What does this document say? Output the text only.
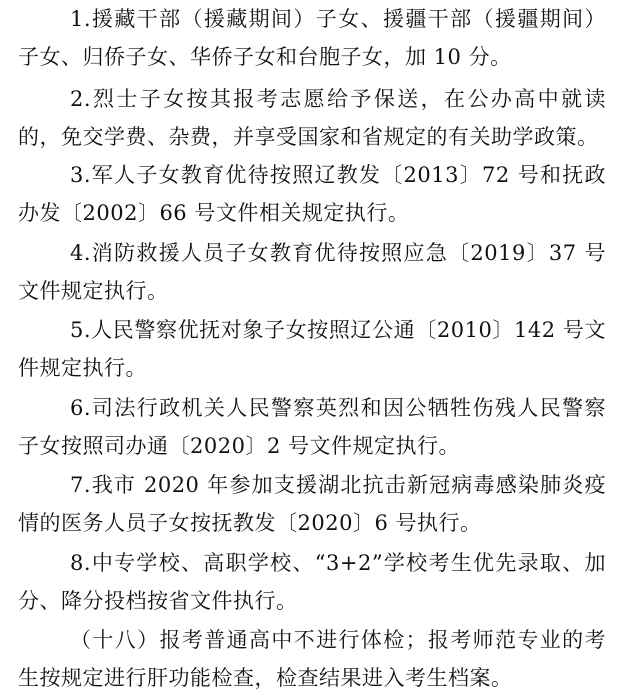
1.援藏干部（援藏期间）子女、援疆干部（援疆期间）子女、归侨子女、华侨子女和台胞子女，加 10 分。

2.烈士子女按其报考志愿给予保送，在公办高中就读的，免交学费、杂费，并享受国家和省规定的有关助学政策。

3.军人子女教育优待按照辽教发〔2013〕72 号和抚政办发〔2002〕66 号文件相关规定执行。

4.消防救援人员子女教育优待按照应急〔2019〕37 号文件规定执行。

5.人民警察优抚对象子女按照辽公通〔2010〕142 号文件规定执行。

6.司法行政机关人民警察英烈和因公牺牲伤残人民警察子女按照司办通〔2020〕2 号文件规定执行。

7.我市 2020 年参加支援湖北抗击新冠病毒感染肺炎疫情的医务人员子女按抚教发〔2020〕6 号执行。

8.中专学校、高职学校、“3+2”学校考生优先录取、加分、降分投档按省文件执行。

（十八）报考普通高中不进行体检；报考师范专业的考生按规定进行肝功能检查，检查结果进入考生档案。
